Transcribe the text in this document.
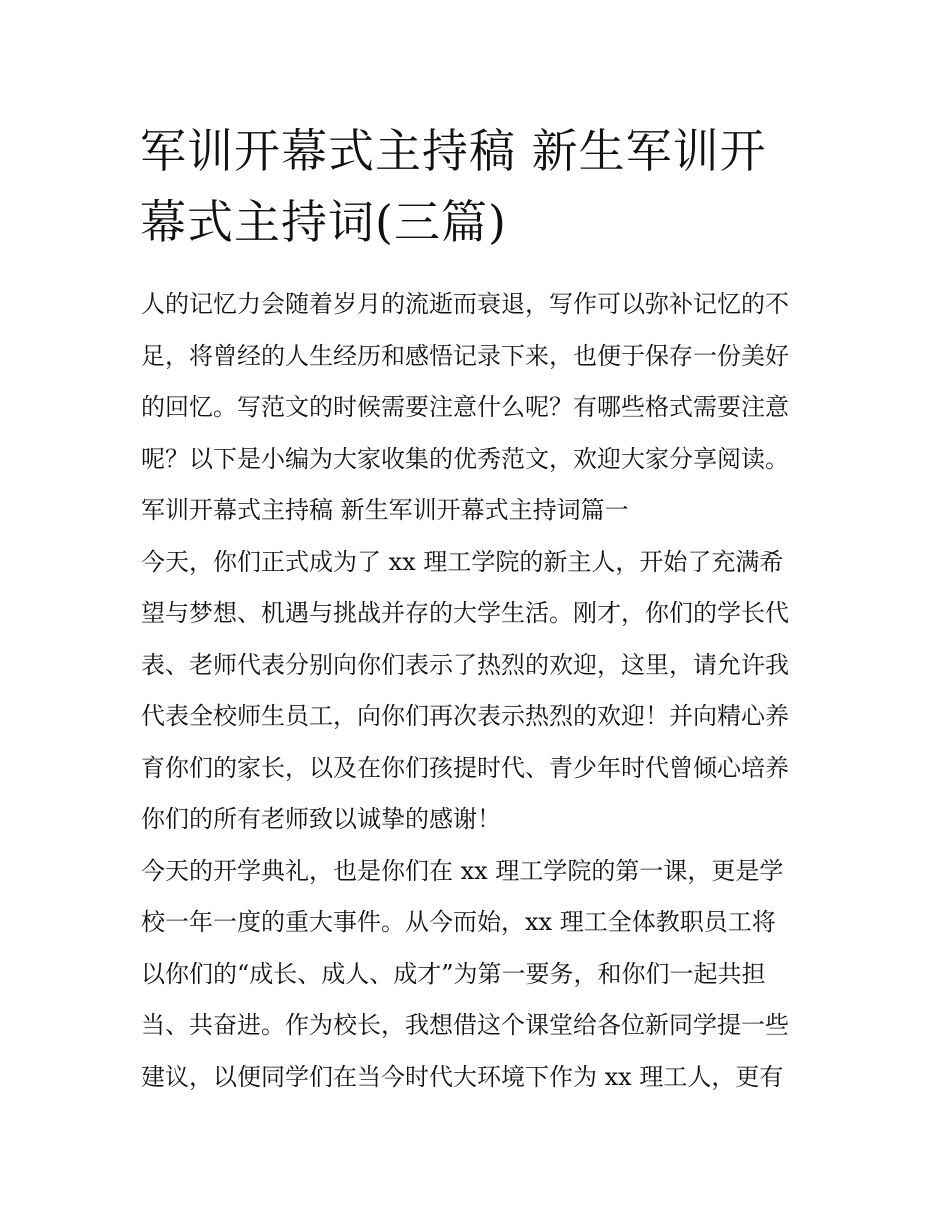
军训开幕式主持稿 新生军训开
幕式主持词(三篇)
人的记忆力会随着岁月的流逝而衰退，写作可以弥补记忆的不
足，将曾经的人生经历和感悟记录下来，也便于保存一份美好
的回忆。写范文的时候需要注意什么呢？有哪些格式需要注意
呢？以下是小编为大家收集的优秀范文，欢迎大家分享阅读。
军训开幕式主持稿 新生军训开幕式主持词篇一
今天，你们正式成为了 xx 理工学院的新主人，开始了充满希
望与梦想、机遇与挑战并存的大学生活。刚才，你们的学长代
表、老师代表分别向你们表示了热烈的欢迎，这里，请允许我
代表全校师生员工，向你们再次表示热烈的欢迎！并向精心养
育你们的家长，以及在你们孩提时代、青少年时代曾倾心培养
你们的所有老师致以诚挚的感谢！
今天的开学典礼，也是你们在 xx 理工学院的第一课，更是学
校一年一度的重大事件。从今而始，xx 理工全体教职员工将
以你们的“成长、成人、成才”为第一要务，和你们一起共担
当、共奋进。作为校长，我想借这个课堂给各位新同学提一些
建议，以便同学们在当今时代大环境下作为 xx 理工人，更有
